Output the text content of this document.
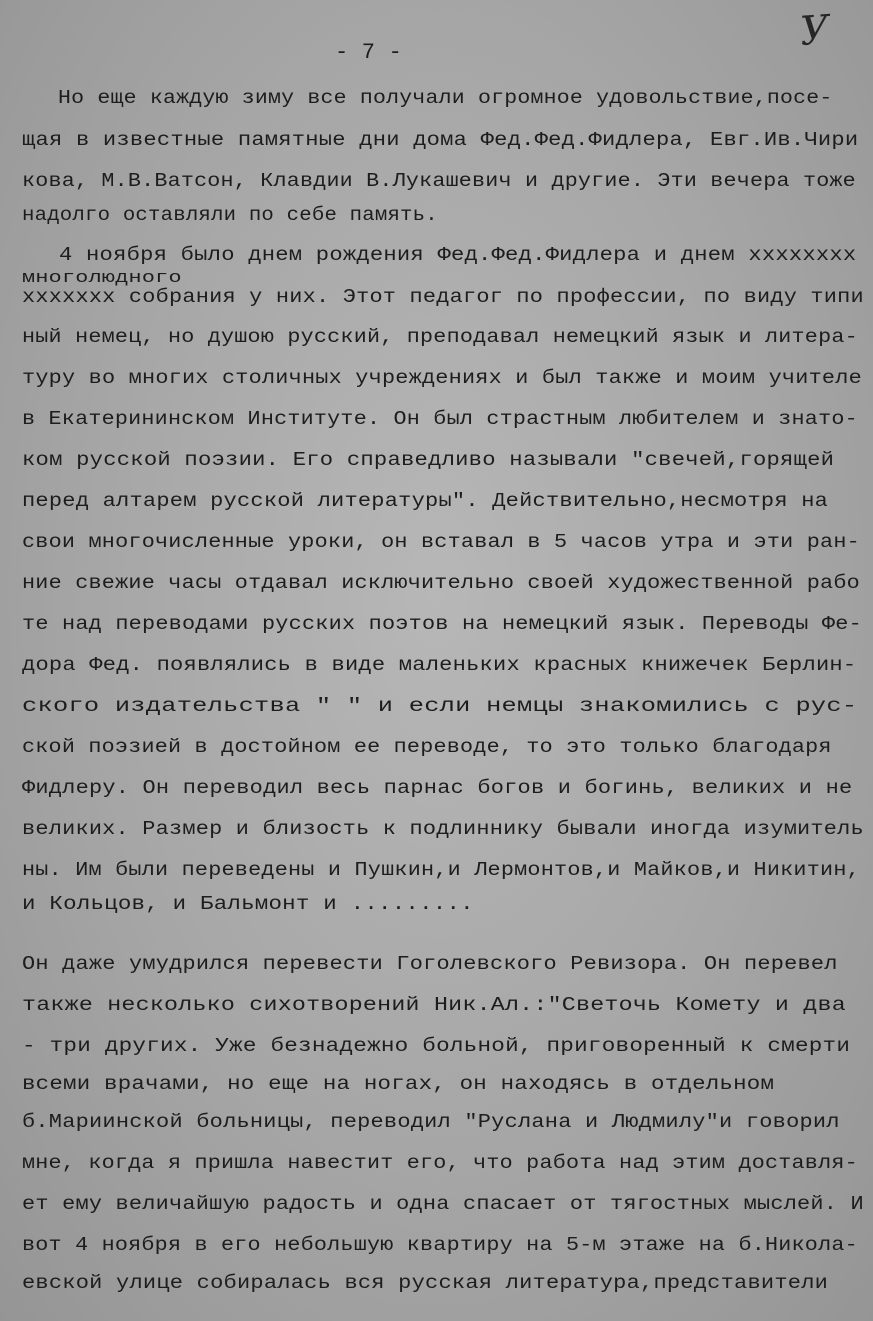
- 7 -	У
Но еще каждую зиму все получали огромное удовольствие,посе-
щая в известные памятные дни дома Фед.Фед.Фидлера, Евг.Ив.Чири
кова, М.В.Ватсон, Клавдии В.Лукашевич и другие. Эти вечера тоже
надолго оставляли по себе память.
4 ноября было днем рождения Фед.Фед.Фидлера и днем xxxxxxxx
многолюдного
xxxxxxx собрания у них. Этот педагог по профессии, по виду типи
ный немец, но душою русский, преподавал немецкий язык и литера-
туру во многих столичных учреждениях и был также и моим учителе
в Екатерининском Институте. Он был страстным любителем и знато-
ком русской поэзии. Его справедливо называли "свечей,горящей
перед алтарем русской литературы". Действительно,несмотря на
свои многочисленные уроки, он вставал в 5 часов утра и эти ран-
ние свежие часы отдавал исключительно своей художественной рабо
те над переводами русских поэтов на немецкий язык. Переводы Фе-
дора Фед. появлялись в виде маленьких красных книжечек Берлин-
ского издательства " " и если немцы знакомились с рус-
ской поэзией в достойном ее переводе, то это только благодаря
Фидлеру. Он переводил весь парнас богов и богинь, великих и не
великих. Размер и близость к подлиннику бывали иногда изумитель
ны. Им были переведены и Пушкин,и Лермонтов,и Майков,и Никитин,
и Кольцов, и Бальмонт и .........
Он даже умудрился перевести Гоголевского Ревизора. Он перевел
также несколько сихотворений Ник.Ал.:"Светочь Комету и два
- три других. Уже безнадежно больной, приговоренный к смерти
всеми врачами, но еще на ногах, он находясь в отдельном
б.Мариинской больницы, переводил "Руслана и Людмилу"и говорил
мне, когда я пришла навестит его, что работа над этим доставля-
ет ему величайшую радость и одна спасает от тягостных мыслей. И
вот 4 ноября в его небольшую квартиру на 5-м этаже на б.Никола-
евской улице собиралась вся русская литература,представители
